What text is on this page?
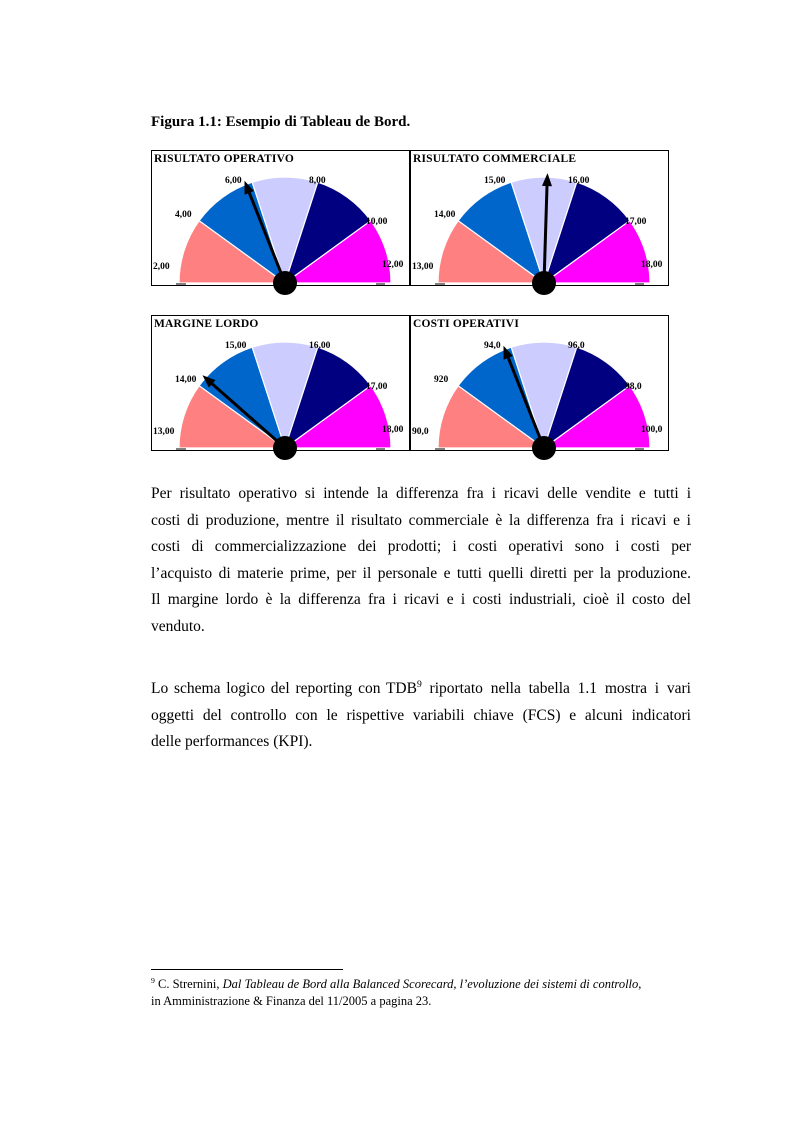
Figura 1.1: Esempio di Tableau de Bord.
RISULTATO OPERATIVO
2,00
4,00
6,00	8,00
10,00
12,00
RISULTATO COMMERCIALE
13,00
14,00
15,00	16,00
17,00
18,00
MARGINE LORDO
13,00
14,00
15,00	16,00
17,00
18,00
COSTI OPERATIVI
90,0
920
94,0	96,0
98,0
100,0
Per risultato operativo si intende la differenza fra i ricavi delle vendite e tutti i
costi di produzione, mentre il risultato commerciale è la differenza fra i ricavi e i
costi di commercializzazione dei prodotti; i costi operativi sono i costi per
l’acquisto di materie prime, per il personale e tutti quelli diretti per la produzione.
Il margine lordo è la differenza fra i ricavi e i costi industriali, cioè il costo del
venduto.
Lo schema logico del reporting con TDB$^9$ riportato nella tabella 1.1 mostra i vari
oggetti del controllo con le rispettive variabili chiave (FCS) e alcuni indicatori
delle performances (KPI).
$^9$ C. Strernini, Dal Tableau de Bord alla Balanced Scorecard, l’evoluzione dei sistemi di controllo,
in Amministrazione & Finanza del 11/2005 a pagina 23.
